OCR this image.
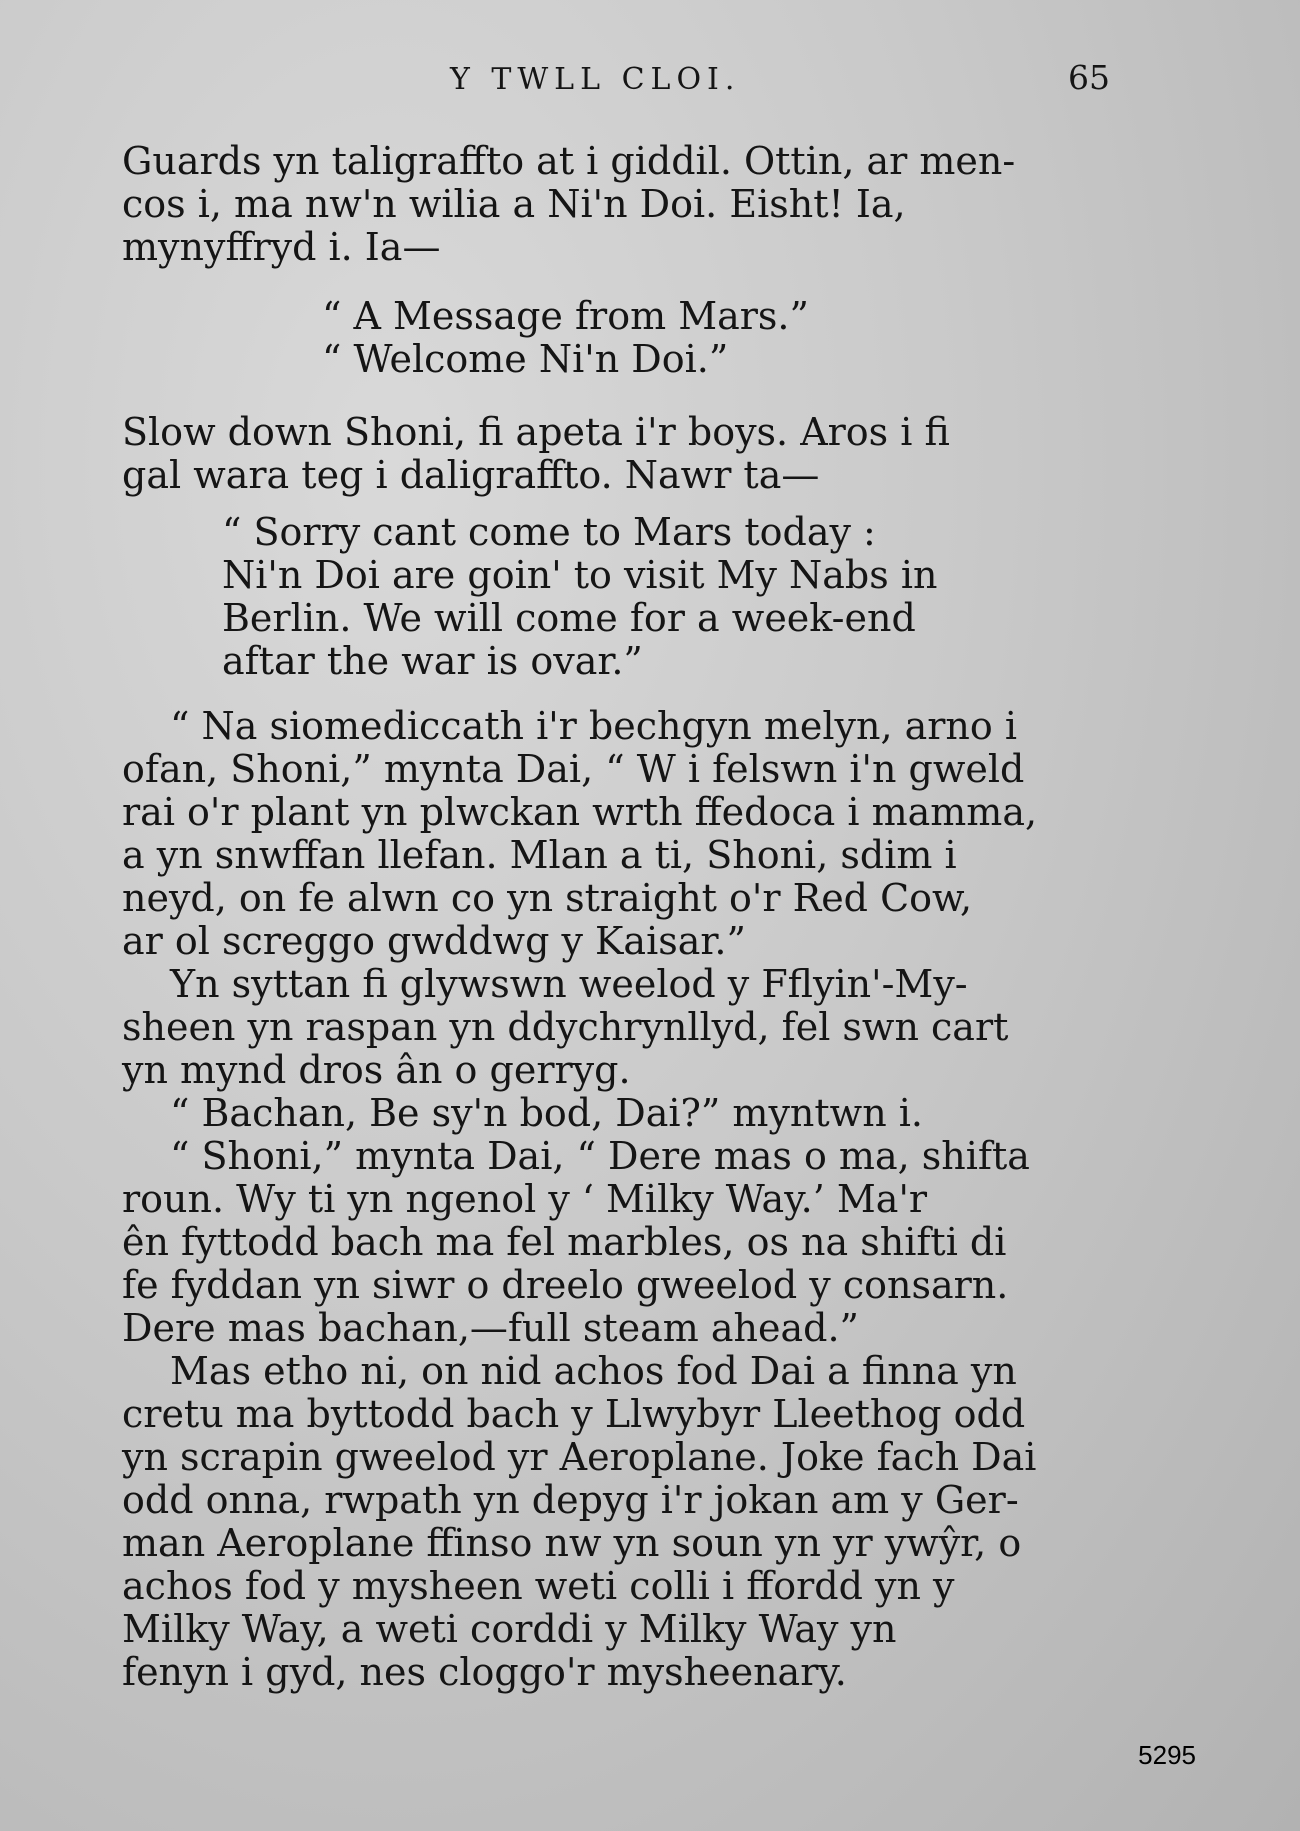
Y TWLL CLOI.	65
Guards yn taligraffto at i giddil. Ottin, ar men-
cos i, ma nw'n wilia a Ni'n Doi. Eisht! Ia,
mynyffryd i. Ia—
“ A Message from Mars.”
“ Welcome Ni'n Doi.”
Slow down Shoni, fi apeta i'r boys. Aros i fi
gal wara teg i daligraffto. Nawr ta—
“ Sorry cant come to Mars today :
Ni'n Doi are goin' to visit My Nabs in
Berlin. We will come for a week-end
aftar the war is ovar.”
“ Na siomediccath i'r bechgyn melyn, arno i
ofan, Shoni,” mynta Dai, “ W i felswn i'n gweld
rai o'r plant yn plwckan wrth ffedoca i mamma,
a yn snwffan llefan. Mlan a ti, Shoni, sdim i
neyd, on fe alwn co yn straight o'r Red Cow,
ar ol screggo gwddwg y Kaisar.”
Yn syttan fi glywswn weelod y Fflyin'-My-
sheen yn raspan yn ddychrynllyd, fel swn cart
yn mynd dros ân o gerryg.
“ Bachan, Be sy'n bod, Dai?” myntwn i.
“ Shoni,” mynta Dai, “ Dere mas o ma, shifta
roun. Wy ti yn ngenol y ‘ Milky Way.’ Ma'r
ên fyttodd bach ma fel marbles, os na shifti di
fe fyddan yn siwr o dreelo gweelod y consarn.
Dere mas bachan,—full steam ahead.”
Mas etho ni, on nid achos fod Dai a finna yn
cretu ma byttodd bach y Llwybyr Lleethog odd
yn scrapin gweelod yr Aeroplane. Joke fach Dai
odd onna, rwpath yn depyg i'r jokan am y Ger-
man Aeroplane ffinso nw yn soun yn yr ywŷr, o
achos fod y mysheen weti colli i ffordd yn y
Milky Way, a weti corddi y Milky Way yn
fenyn i gyd, nes cloggo'r mysheenary.
5295
